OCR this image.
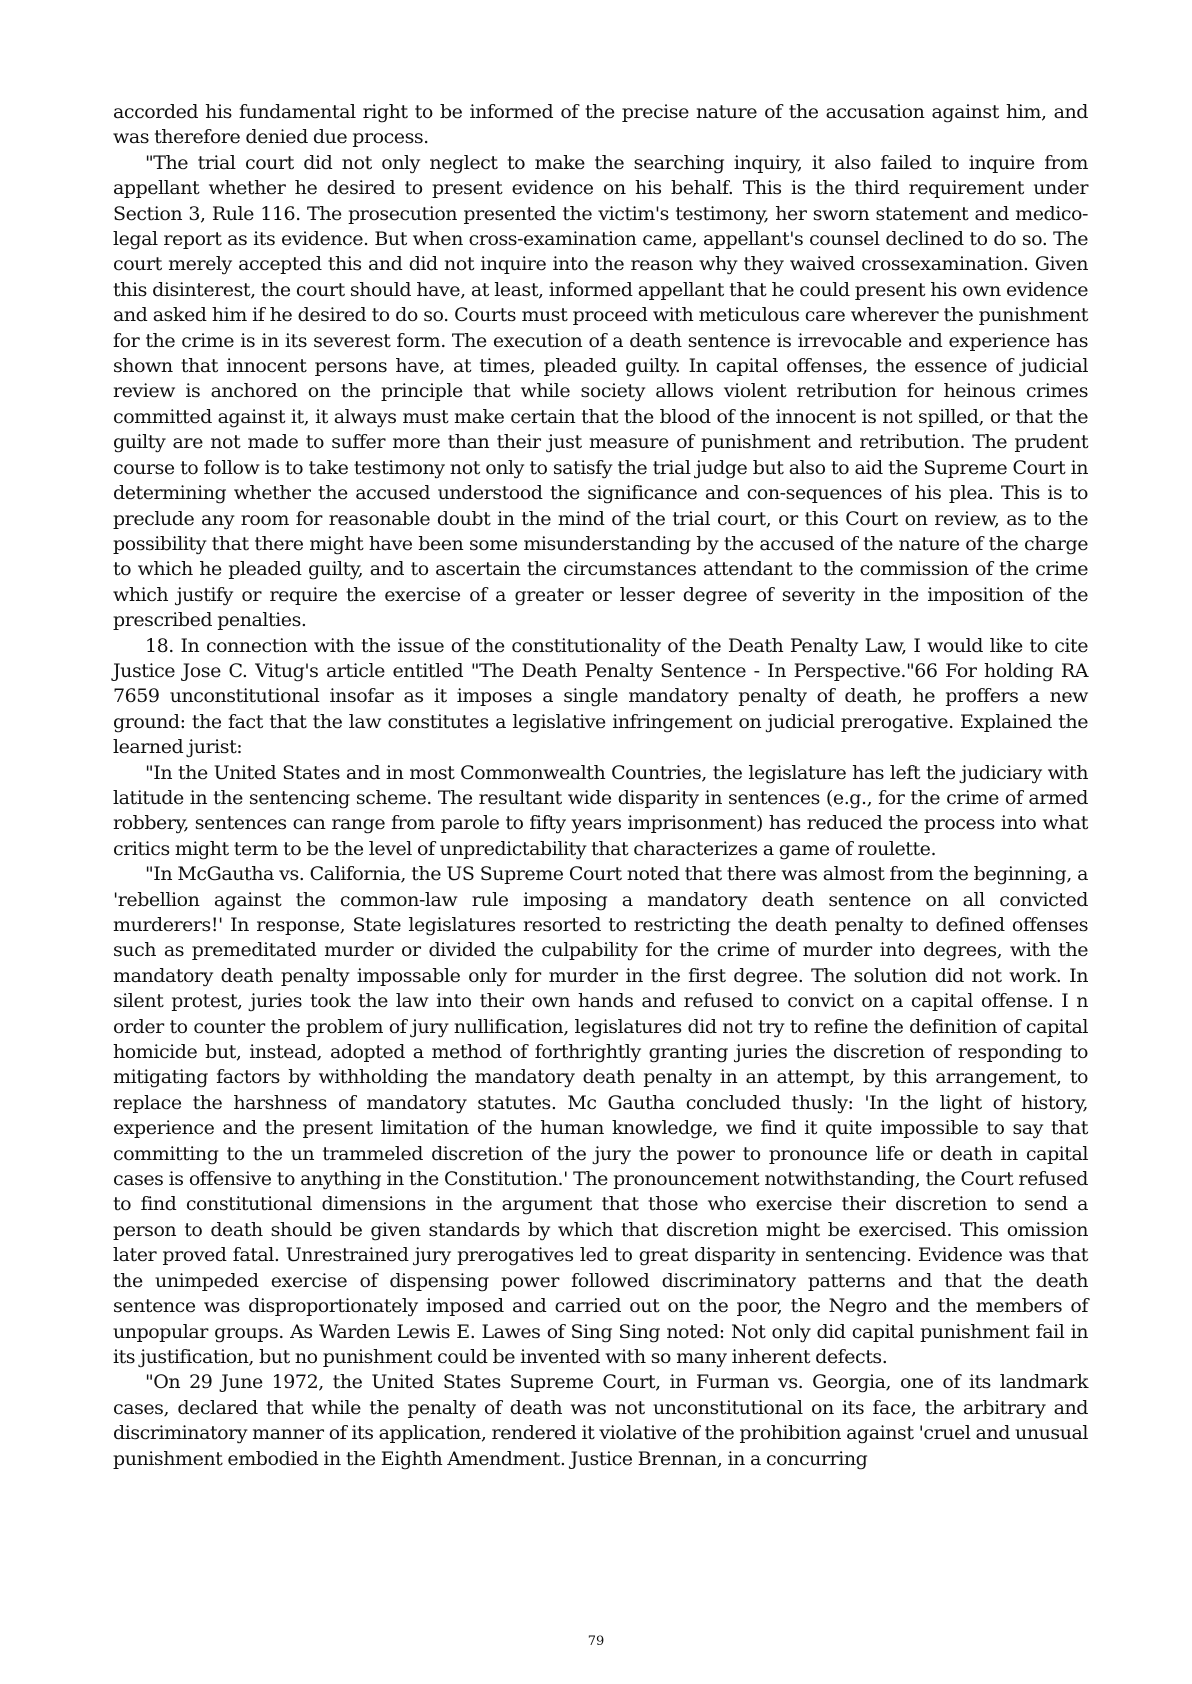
accorded his fundamental right to be informed of the precise nature of the accusation against him, and was therefore denied due process.

"The trial court did not only neglect to make the searching inquiry, it also failed to inquire from appellant whether he desired to present evidence on his behalf. This is the third requirement under Section 3, Rule 116. The prosecution presented the victim's testimony, her sworn statement and medico-legal report as its evidence. But when cross-examination came, appellant's counsel declined to do so. The court merely accepted this and did not inquire into the reason why they waived crossexamination. Given this disinterest, the court should have, at least, informed appellant that he could present his own evidence and asked him if he desired to do so. Courts must proceed with meticulous care wherever the punishment for the crime is in its severest form. The execution of a death sentence is irrevocable and experience has shown that innocent persons have, at times, pleaded guilty. In capital offenses, the essence of judicial review is anchored on the principle that while society allows violent retribution for heinous crimes committed against it, it always must make certain that the blood of the innocent is not spilled, or that the guilty are not made to suffer more than their just measure of punishment and retribution. The prudent course to follow is to take testimony not only to satisfy the trial judge but also to aid the Supreme Court in determining whether the accused understood the significance and con-sequences of his plea. This is to preclude any room for reasonable doubt in the mind of the trial court, or this Court on review, as to the possibility that there might have been some misunderstanding by the accused of the nature of the charge to which he pleaded guilty, and to ascertain the circumstances attendant to the commission of the crime which justify or require the exercise of a greater or lesser degree of severity in the imposition of the prescribed penalties.

18. In connection with the issue of the constitutionality of the Death Penalty Law, I would like to cite Justice Jose C. Vitug's article entitled "The Death Penalty Sentence - In Perspective."66 For holding RA 7659 unconstitutional insofar as it imposes a single mandatory penalty of death, he proffers a new ground: the fact that the law constitutes a legislative infringement on judicial prerogative. Explained the learned jurist:

"In the United States and in most Commonwealth Countries, the legislature has left the judiciary with latitude in the sentencing scheme. The resultant wide disparity in sentences (e.g., for the crime of armed robbery, sentences can range from parole to fifty years imprisonment) has reduced the process into what critics might term to be the level of unpredictability that characterizes a game of roulette.

"In McGautha vs. California, the US Supreme Court noted that there was almost from the beginning, a 'rebellion against the common-law rule imposing a mandatory death sentence on all convicted murderers!' In response, State legislatures resorted to restricting the death penalty to defined offenses such as premeditated murder or divided the culpability for the crime of murder into degrees, with the mandatory death penalty impossable only for murder in the first degree. The solution did not work. In silent protest, juries took the law into their own hands and refused to convict on a capital offense. I n order to counter the problem of jury nullification, legislatures did not try to refine the definition of capital homicide but, instead, adopted a method of forthrightly granting juries the discretion of responding to mitigating factors by withholding the mandatory death penalty in an attempt, by this arrangement, to replace the harshness of mandatory statutes. Mc Gautha concluded thusly: 'In the light of history, experience and the present limitation of the human knowledge, we find it quite impossible to say that committing to the un trammeled discretion of the jury the power to pronounce life or death in capital cases is offensive to anything in the Constitution.' The pronouncement notwithstanding, the Court refused to find constitutional dimensions in the argument that those who exercise their discretion to send a person to death should be given standards by which that discretion might be exercised. This omission later proved fatal. Unrestrained jury prerogatives led to great disparity in sentencing. Evidence was that the unimpeded exercise of dispensing power followed discriminatory patterns and that the death sentence was disproportionately imposed and carried out on the poor, the Negro and the members of unpopular groups. As Warden Lewis E. Lawes of Sing Sing noted: Not only did capital punishment fail in its justification, but no punishment could be invented with so many inherent defects.

"On 29 June 1972, the United States Supreme Court, in Furman vs. Georgia, one of its landmark cases, declared that while the penalty of death was not unconstitutional on its face, the arbitrary and discriminatory manner of its application, rendered it violative of the prohibition against 'cruel and unusual punishment embodied in the Eighth Amendment. Justice Brennan, in a concurring

79
